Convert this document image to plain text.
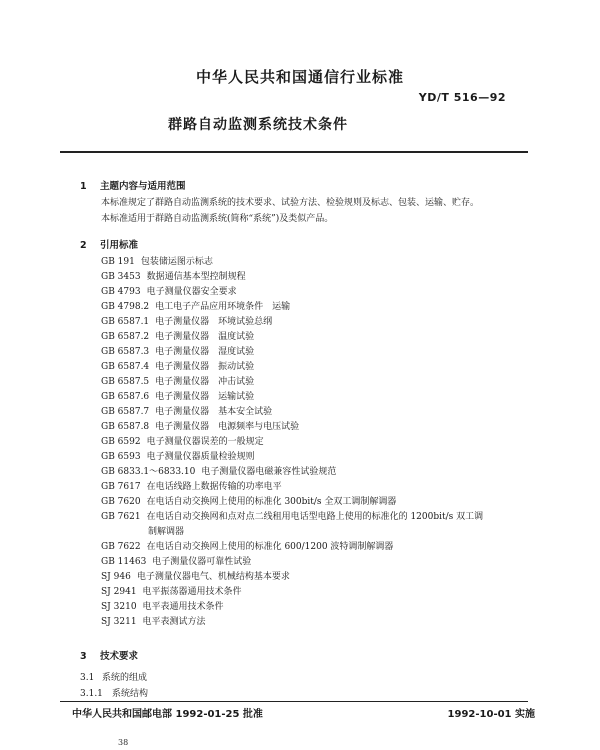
中华人民共和国通信行业标准
YD/T 516—92
群路自动监测系统技术条件
1 主题内容与适用范围
本标准规定了群路自动监测系统的技术要求、试验方法、检验规则及标志、包装、运输、贮存。
本标准适用于群路自动监测系统(简称“系统”)及类似产品。
2 引用标准
GB 191 包装储运图示标志
GB 3453 数据通信基本型控制规程
GB 4793 电子测量仪器安全要求
GB 4798.2 电工电子产品应用环境条件　运输
GB 6587.1 电子测量仪器　环境试验总纲
GB 6587.2 电子测量仪器　温度试验
GB 6587.3 电子测量仪器　湿度试验
GB 6587.4 电子测量仪器　振动试验
GB 6587.5 电子测量仪器　冲击试验
GB 6587.6 电子测量仪器　运输试验
GB 6587.7 电子测量仪器　基本安全试验
GB 6587.8 电子测量仪器　电源频率与电压试验
GB 6592 电子测量仪器误差的一般规定
GB 6593 电子测量仪器质量检验规则
GB 6833.1～6833.10 电子测量仪器电磁兼容性试验规范
GB 7617 在电话线路上数据传输的功率电平
GB 7620 在电话自动交换网上使用的标准化 300bit/s 全双工调制解调器
GB 7621 在电话自动交换网和点对点二线租用电话型电路上使用的标准化的 1200bit/s 双工调
制解调器
GB 7622 在电话自动交换网上使用的标准化 600/1200 波特调制解调器
GB 11463 电子测量仪器可靠性试验
SJ 946 电子测量仪器电气、机械结构基本要求
SJ 2941 电平振荡器通用技术条件
SJ 3210 电平表通用技术条件
SJ 3211 电平表测试方法
3 技术要求
3.1 系统的组成
3.1.1 系统结构
中华人民共和国邮电部 1992-01-25 批准	1992-10-01 实施
38
